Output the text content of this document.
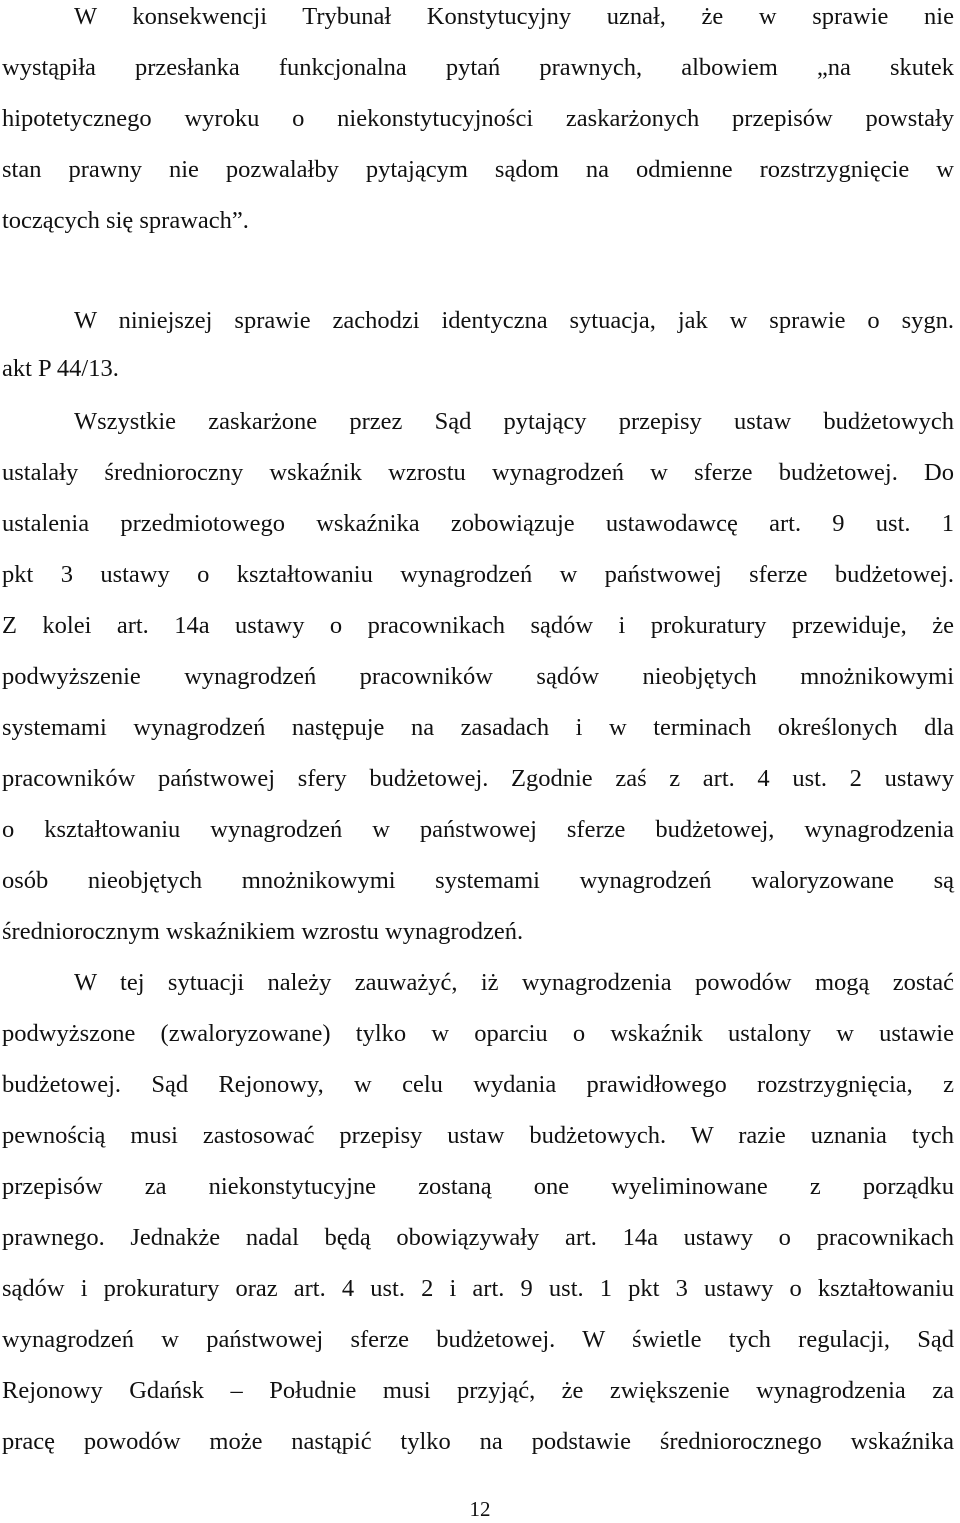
W konsekwencji Trybunał Konstytucyjny uznał, że w sprawie nie
wystąpiła przesłanka funkcjonalna pytań prawnych, albowiem „na skutek
hipotetycznego wyroku o niekonstytucyjności zaskarżonych przepisów powstały
stan prawny nie pozwalałby pytającym sądom na odmienne rozstrzygnięcie w
toczących się sprawach”.
W niniejszej sprawie zachodzi identyczna sytuacja, jak w sprawie o sygn.
akt P 44/13.
Wszystkie zaskarżone przez Sąd pytający przepisy ustaw budżetowych
ustalały średnioroczny wskaźnik wzrostu wynagrodzeń w sferze budżetowej. Do
ustalenia przedmiotowego wskaźnika zobowiązuje ustawodawcę art. 9 ust. 1
pkt 3 ustawy o kształtowaniu wynagrodzeń w państwowej sferze budżetowej.
Z kolei art. 14a ustawy o pracownikach sądów i prokuratury przewiduje, że
podwyższenie wynagrodzeń pracowników sądów nieobjętych mnożnikowymi
systemami wynagrodzeń następuje na zasadach i w terminach określonych dla
pracowników państwowej sfery budżetowej. Zgodnie zaś z art. 4 ust. 2 ustawy
o kształtowaniu wynagrodzeń w państwowej sferze budżetowej, wynagrodzenia
osób nieobjętych mnożnikowymi systemami wynagrodzeń waloryzowane są
średniorocznym wskaźnikiem wzrostu wynagrodzeń.
W tej sytuacji należy zauważyć, iż wynagrodzenia powodów mogą zostać
podwyższone (zwaloryzowane) tylko w oparciu o wskaźnik ustalony w ustawie
budżetowej. Sąd Rejonowy, w celu wydania prawidłowego rozstrzygnięcia, z
pewnością musi zastosować przepisy ustaw budżetowych. W razie uznania tych
przepisów za niekonstytucyjne zostaną one wyeliminowane z porządku
prawnego. Jednakże nadal będą obowiązywały art. 14a ustawy o pracownikach
sądów i prokuratury oraz art. 4 ust. 2 i art. 9 ust. 1 pkt 3 ustawy o kształtowaniu
wynagrodzeń w państwowej sferze budżetowej. W świetle tych regulacji, Sąd
Rejonowy Gdańsk – Południe musi przyjąć, że zwiększenie wynagrodzenia za
pracę powodów może nastąpić tylko na podstawie średniorocznego wskaźnika
12
